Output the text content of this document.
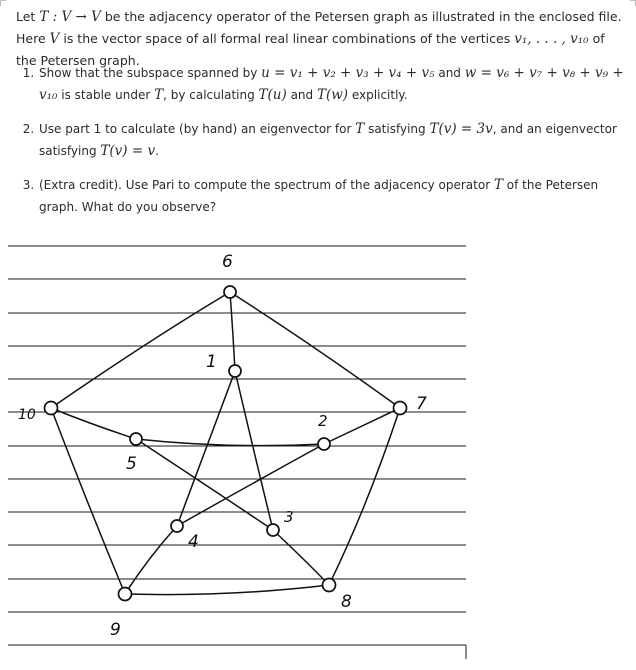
Let T : V → V be the adjacency operator of the Petersen graph as illustrated in the enclosed file. Here V is the vector space of all formal real linear combinations of the vertices v₁, . . . , v₁₀ of the Petersen graph.

1. Show that the subspace spanned by u = v₁ + v₂ + v₃ + v₄ + v₅ and w = v₆ + v₇ + v₈ + v₉ + v₁₀ is stable under T, by calculating T(u) and T(w) explicitly.
2. Use part 1 to calculate (by hand) an eigenvector for T satisfying T(v) = 3v, and an eigenvector satisfying T(v) = v.
3. (Extra credit). Use Pari to compute the spectrum of the adjacency operator T of the Petersen graph. What do you observe?
6
1
10
7
5
2
4
3
9
8
